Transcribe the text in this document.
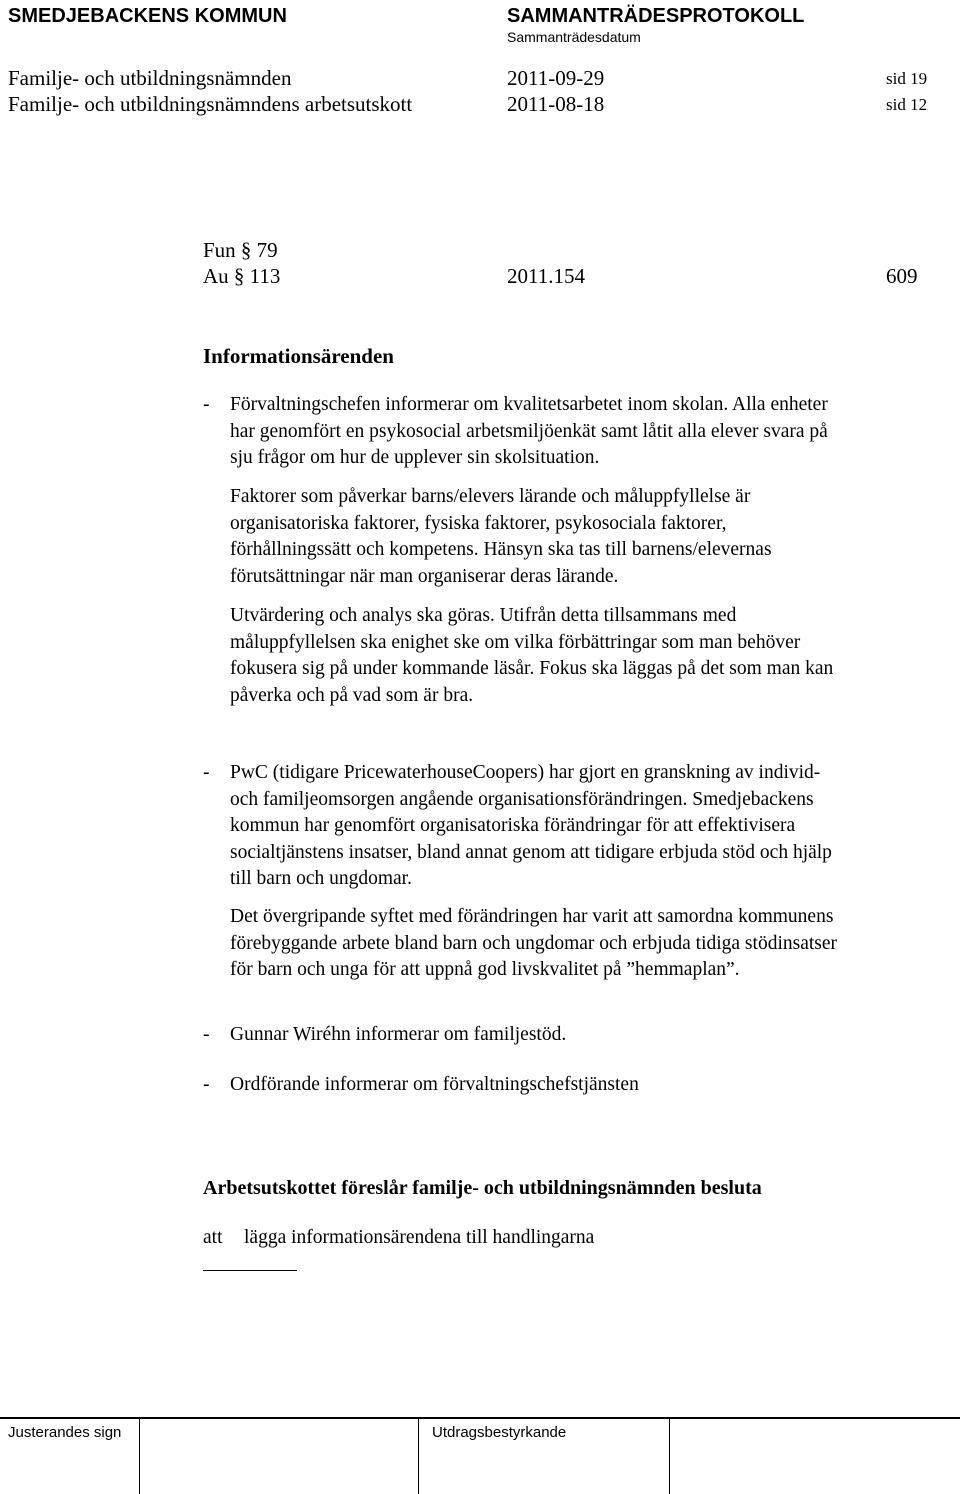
SMEDJEBACKENS KOMMUN	SAMMANTRÄDESPROTOKOLL
Sammanträdesdatum
Familje- och utbildningsnämnden	2011-09-29	sid 19
Familje- och utbildningsnämndens arbetsutskott	2011-08-18	sid 12
Fun § 79
Au § 113	2011.154	609
Informationsärenden
- Förvaltningschefen informerar om kvalitetsarbetet inom skolan. Alla enheter
har genomfört en psykosocial arbetsmiljöenkät samt låtit alla elever svara på
sju frågor om hur de upplever sin skolsituation.
Faktorer som påverkar barns/elevers lärande och måluppfyllelse är
organisatoriska faktorer, fysiska faktorer, psykosociala faktorer,
förhållningssätt och kompetens. Hänsyn ska tas till barnens/elevernas
förutsättningar när man organiserar deras lärande.
Utvärdering och analys ska göras. Utifrån detta tillsammans med
måluppfyllelsen ska enighet ske om vilka förbättringar som man behöver
fokusera sig på under kommande läsår. Fokus ska läggas på det som man kan
påverka och på vad som är bra.
- PwC (tidigare PricewaterhouseCoopers) har gjort en granskning av individ-
och familjeomsorgen angående organisationsförändringen. Smedjebackens
kommun har genomfört organisatoriska förändringar för att effektivisera
socialtjänstens insatser, bland annat genom att tidigare erbjuda stöd och hjälp
till barn och ungdomar.
Det övergripande syftet med förändringen har varit att samordna kommunens
förebyggande arbete bland barn och ungdomar och erbjuda tidiga stödinsatser
för barn och unga för att uppnå god livskvalitet på ”hemmaplan”.
- Gunnar Wiréhn informerar om familjestöd.
- Ordförande informerar om förvaltningschefstjänsten
Arbetsutskottet föreslår familje- och utbildningsnämnden besluta
att lägga informationsärendena till handlingarna
Justerandes sign	Utdragsbestyrkande
